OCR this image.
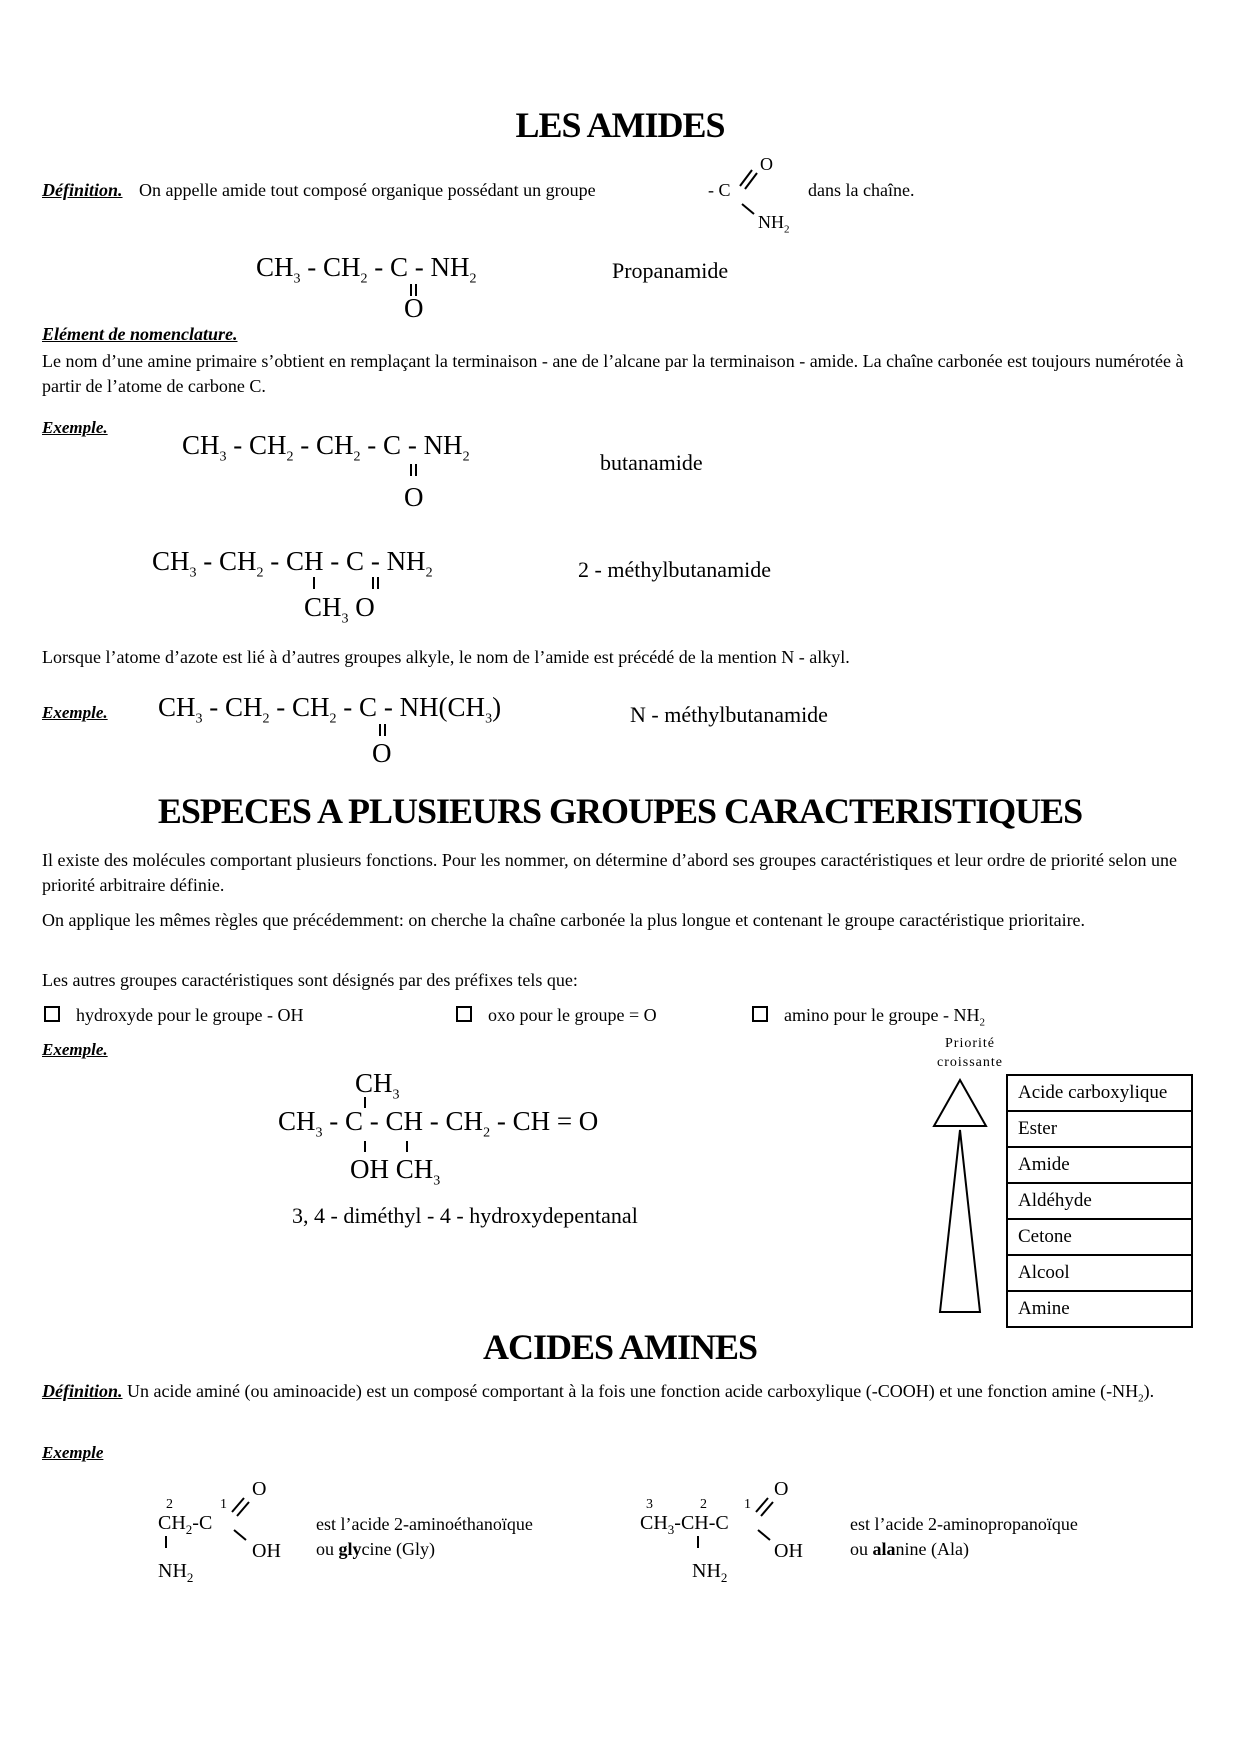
LES AMIDES
Définition. On appelle amide tout composé organique possédant un groupe	- C
O
$NH_2$
dans la chaîne.
$CH_3 - CH_2$ - C - $NH_2$
O
Propanamide
Elément de nomenclature.
Le nom d’une amine primaire s’obtient en remplaçant la terminaison - ane de l’alcane par la terminaison - amide. La chaîne carbonée est toujours numérotée à partir de l’atome de carbone C.
Exemple.
$CH_3 - CH_2 - CH_2$ - C - $NH_2$
O
butanamide
$CH_3 - CH_2$ - CH - C - $NH_2$
$CH_3$ O
2 - méthylbutanamide
Lorsque l’atome d’azote est lié à d’autres groupes alkyle, le nom de l’amide est précédé de la mention N - alkyl.
Exemple. $CH_3 - CH_2 - CH_2$ - C - $NH(CH_3)$
O
N - méthylbutanamide
ESPECES A PLUSIEURS GROUPES CARACTERISTIQUES
Il existe des molécules comportant plusieurs fonctions. Pour les nommer, on détermine d’abord ses groupes caractéristiques et leur ordre de priorité selon une priorité arbitraire définie.
On applique les mêmes règles que précédemment: on cherche la chaîne carbonée la plus longue et contenant le groupe caractéristique prioritaire.
Les autres groupes caractéristiques sont désignés par des préfixes tels que:
hydroxyde pour le groupe - OH	oxo pour le groupe = O	amino pour le groupe - $NH_2$
Exemple.
$CH_3$
$CH_3$ - C - CH - $CH_2$ - CH = O
OH $CH_3$
3, 4 - diméthyl - 4 - hydroxydepentanal
Priorité
croissante
Acide carboxylique
Ester
Amide
Aldéhyde
Cetone
Alcool
Amine
ACIDES AMINES
Définition. Un acide aminé (ou aminoacide) est un composé comportant à la fois une fonction acide carboxylique (-COOH) et une fonction amine $(-NH_2)$.
Exemple
2	1
O
$CH_2-C$
OH
$NH_2$
est l’acide 2-aminoéthanoïque
ou glycine (Gly)
3	2	1
O
$CH_3-CH-C$
OH
$NH_2$
est l’acide 2-aminopropanoïque
ou alanine (Ala)
